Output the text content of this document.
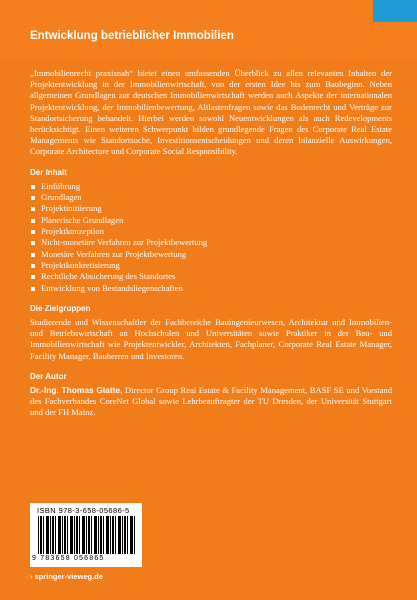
Entwicklung betrieblicher Immobilien

„Immobilienrecht praxisnah“ bietet einen umfassenden Überblick zu allen relevanten Inhalten der Projektentwicklung in der Immobilienwirtschaft, von der ersten Idee bis zum Baubeginn. Neben allgemeinen Grundlagen zur deutschen Immobilienwirtschaft werden auch Aspekte der internationalen Projektentwicklung, der Immobilienbewertung, Altlastenfragen sowie das Bodenrecht und Verträge zur Standortsicherung behandelt. Hierbei werden sowohl Neuentwicklungen als auch Redevelopments berücksichtigt. Einen weiteren Schwerpunkt bilden grundlegende Fragen des Corporate Real Estate Managements wie Standortsuche, Investitionsentscheidungen und deren bilanzielle Auswirkungen, Corporate Architecture und Corporate Social Responsibility.

Der Inhalt
Einführung
Grundlagen
Projektinitiierung
Planerische Grundlagen
Projektkonzeption
Nicht-monetäre Verfahren zur Projektbewertung
Monetäre Verfahren zur Projektbewertung
Projektkonkretisierung
Rechtliche Absicherung des Standortes
Entwicklung von Bestandsliegenschaften
Die Zielgruppen

Studierende und Wissenschaftler der Fachbereiche Bauingenieurwesen, Architektur und Immobilien- und Betriebswirtschaft an Hochschulen und Universitäten sowie Praktiker in der Bau- und Immobilienwirtschaft wie Projektentwickler, Architekten, Fachplaner, Corporate Real Estate Manager, Facility Manager, Bauherren und Investoren.

Der Autor

Dr.-Ing. Thomas Glatte, Director Group Real Estate & Facility Management, BASF SE und Vorstand des Fachverbandes CoreNet Global sowie Lehrbeauftragter der TU Dresden, der Universität Stuttgart und der FH Mainz.

ISBN 978-3-658-05686-5
9 783658 056865
› springer-vieweg.de
